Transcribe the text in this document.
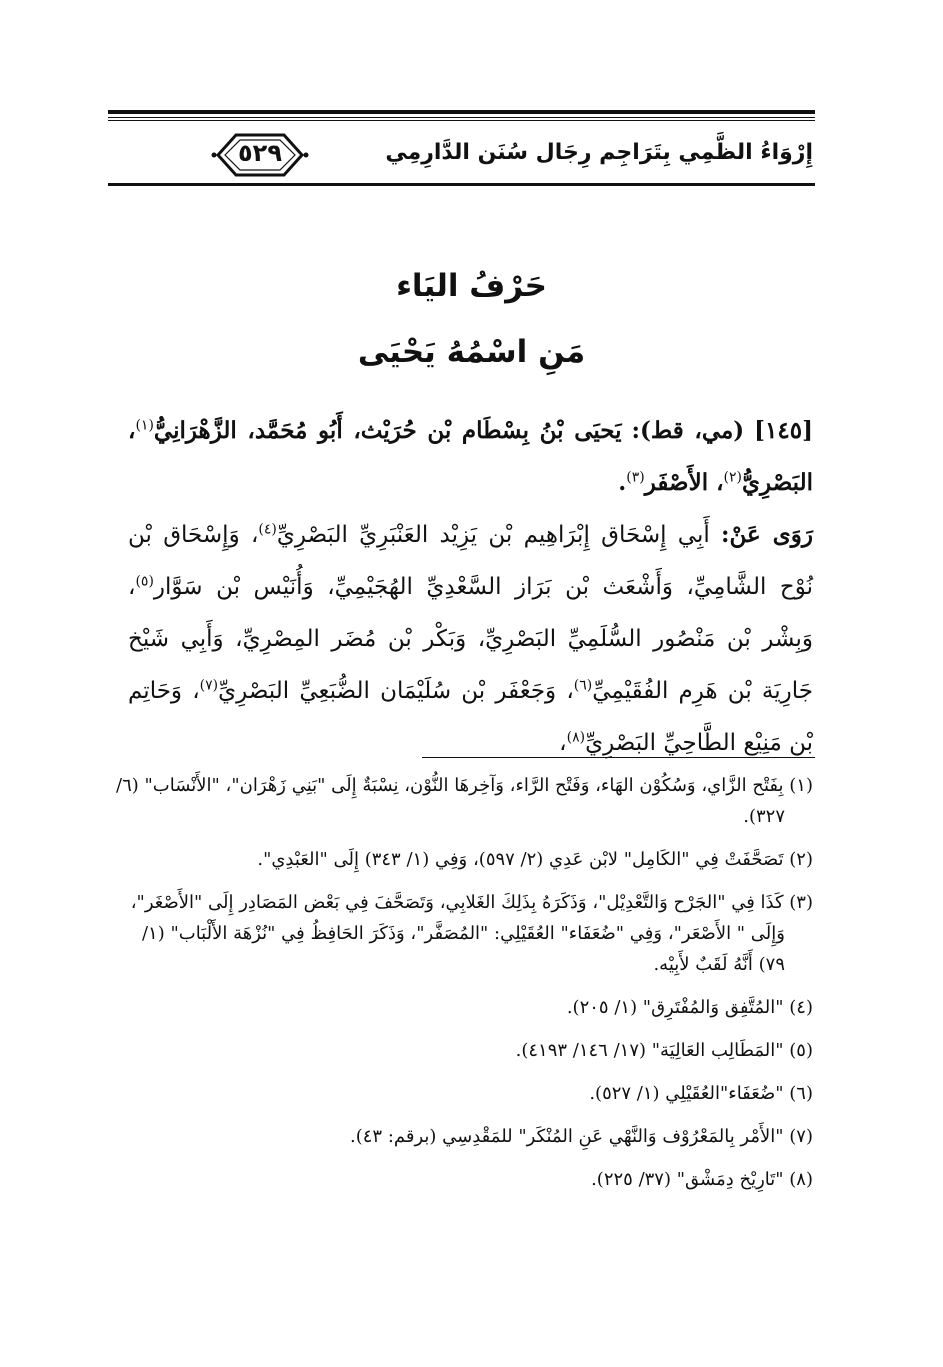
٥٢٩	إِرْوَاءُ الظَّمِي بِتَرَاجِم رِجَال سُنَن الدَّارِمِي
حَرْفُ اليَاء
مَنِ اسْمُهُ يَحْيَى

[١٤٥] (مي، قط): يَحيَى بْنُ بِسْطَام بْن حُرَيْث، أَبُو مُحَمَّد، الزَّهْرَانِيُّ$^{(١)}$، البَصْرِيُّ$^{(٢)}$، الأَصْفَر$^{(٣)}$.

رَوَى عَنْ: أَبِي إِسْحَاق إِبْرَاهِيم بْن يَزِيْد العَنْبَرِيِّ البَصْرِيِّ$^{(٤)}$، وَإِسْحَاق بْن نُوْح الشَّامِيِّ، وَأَشْعَث بْن بَرَاز السَّعْدِيِّ الهُجَيْمِيِّ، وَأُنَيْس بْن سَوَّار$^{(٥)}$، وَبِشْر بْن مَنْصُور السُّلَمِيِّ البَصْرِيِّ، وَبَكْر بْن مُضَر المِصْرِيِّ، وَأَبِي شَيْخ جَارِيَة بْن هَرِم الفُقَيْمِيِّ$^{(٦)}$، وَجَعْفَر بْن سُلَيْمَان الضُّبَعِيِّ البَصْرِيِّ$^{(٧)}$، وَحَاتِم بْن مَنِيْع الطَّاحِيِّ البَصْرِيِّ$^{(٨)}$،

(١) بِفَتْح الزَّاي، وَسُكُوْن الهَاء، وَفَتْح الرَّاء، وَآخِرهَا النُّوْن، نِسْبَةٌ إِلَى "بَنِي زَهْرَان"، "الأَنْسَاب" (٦/ ٣٢٧).

(٢) تَصَحَّفَتْ فِي "الكَامِل" لابْن عَدِي (٢/ ٥٩٧)، وَفِي (١/ ٣٤٣) إِلَى "العَبْدِي".

(٣) كَذَا فِي "الجَرْح وَالتَّعْدِيْل"، وَذَكَرَهُ بِذَلِكَ الغَلابِي، وَتَصَحَّفَ فِي بَعْض المَصَادِر إِلَى "الأَصْغَر"، وَإِلَى " الأَصْعَر"، وَفِي "ضُعَفَاء" العُقَيْلِي: "المُصَفَّر"، وَذَكَرَ الحَافِظُ فِي "نُزْهَة الأَلْبَاب" (١/ ٧٩) أَنَّهُ لَقَبٌ لأَبِيْه.

(٤) "المُتَّفِق وَالمُفْتَرِق" (١/ ٢٠٥).

(٥) "المَطَالِب العَالِيَة" (١٧/ ١٤٦/ ٤١٩٣).

(٦) "ضُعَفَاء"العُقَيْلِي (١/ ٥٢٧).

(٧) "الأَمْر بِالمَعْرُوْف وَالنَّهْي عَنِ المُنْكَر" للمَقْدِسِي (برقم: ٤٣).

(٨) "تَارِيْخ دِمَشْق" (٣٧/ ٢٢٥).
